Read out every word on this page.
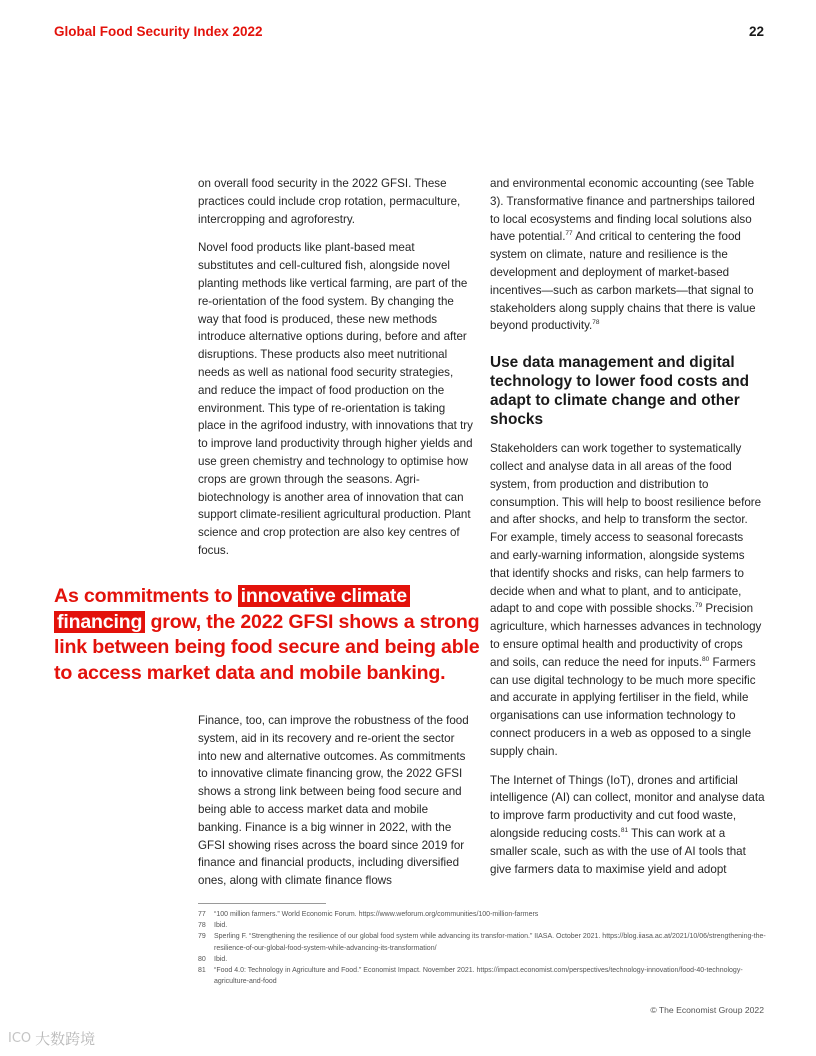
Global Food Security Index 2022	22

on overall food security in the 2022 GFSI. These practices could include crop rotation, permaculture, intercropping and agroforestry.

Novel food products like plant-based meat substitutes and cell-cultured fish, alongside novel planting methods like vertical farming, are part of the re-orientation of the food system. By changing the way that food is produced, these new methods introduce alternative options during, before and after disruptions. These products also meet nutritional needs as well as national food security strategies, and reduce the impact of food production on the environment. This type of re-orientation is taking place in the agrifood industry, with innovations that try to improve land productivity through higher yields and use green chemistry and technology to optimise how crops are grown through the seasons. Agri-biotechnology is another area of innovation that can support climate-resilient agricultural production. Plant science and crop protection are also key centres of focus.

As commitments to innovative climate
financing grow, the 2022 GFSI shows a strong link between being food secure and being able to access market data and mobile banking.

Finance, too, can improve the robustness of the food system, aid in its recovery and re-orient the sector into new and alternative outcomes. As commitments to innovative climate financing grow, the 2022 GFSI shows a strong link between being food secure and being able to access market data and mobile banking. Finance is a big winner in 2022, with the GFSI showing rises across the board since 2019 for finance and financial products, including diversified ones, along with climate finance flows

and environmental economic accounting (see Table 3). Transformative finance and partnerships tailored to local ecosystems and finding local solutions also have potential.$^{77}$ And critical to centering the food system on climate, nature and resilience is the development and deployment of market-based incentives—such as carbon markets—that signal to stakeholders along supply chains that there is value beyond productivity.$^{78}$

Use data management and digital technology to lower food costs and adapt to climate change and other shocks

Stakeholders can work together to systematically collect and analyse data in all areas of the food system, from production and distribution to consumption. This will help to boost resilience before and after shocks, and help to transform the sector. For example, timely access to seasonal forecasts and early-warning information, alongside systems that identify shocks and risks, can help farmers to decide when and what to plant, and to anticipate, adapt to and cope with possible shocks.$^{79}$ Precision agriculture, which harnesses advances in technology to ensure optimal health and productivity of crops and soils, can reduce the need for inputs.$^{80}$ Farmers can use digital technology to be much more specific and accurate in applying fertiliser in the field, while organisations can use information technology to connect producers in a web as opposed to a single supply chain.

The Internet of Things (IoT), drones and artificial intelligence (AI) can collect, monitor and analyse data to improve farm productivity and cut food waste, alongside reducing costs.$^{81}$ This can work at a smaller scale, such as with the use of AI tools that give farmers data to maximise yield and adopt

77	“100 million farmers.” World Economic Forum. https://www.weforum.org/communities/100-million-farmers
78	Ibid.
79	Sperling F. “Strengthening the resilience of our global food system while advancing its transfor-mation.” IIASA. October 2021. https://blog.iiasa.ac.at/2021/10/06/strengthening-the-resilience-of-our-global-food-system-while-advancing-its-transformation/
80	Ibid.
81	“Food 4.0: Technology in Agriculture and Food.” Economist Impact. November 2021. https://impact.economist.com/perspectives/technology-innovation/food-40-technology-agriculture-and-food
© The Economist Group 2022
ICO 大数跨境
